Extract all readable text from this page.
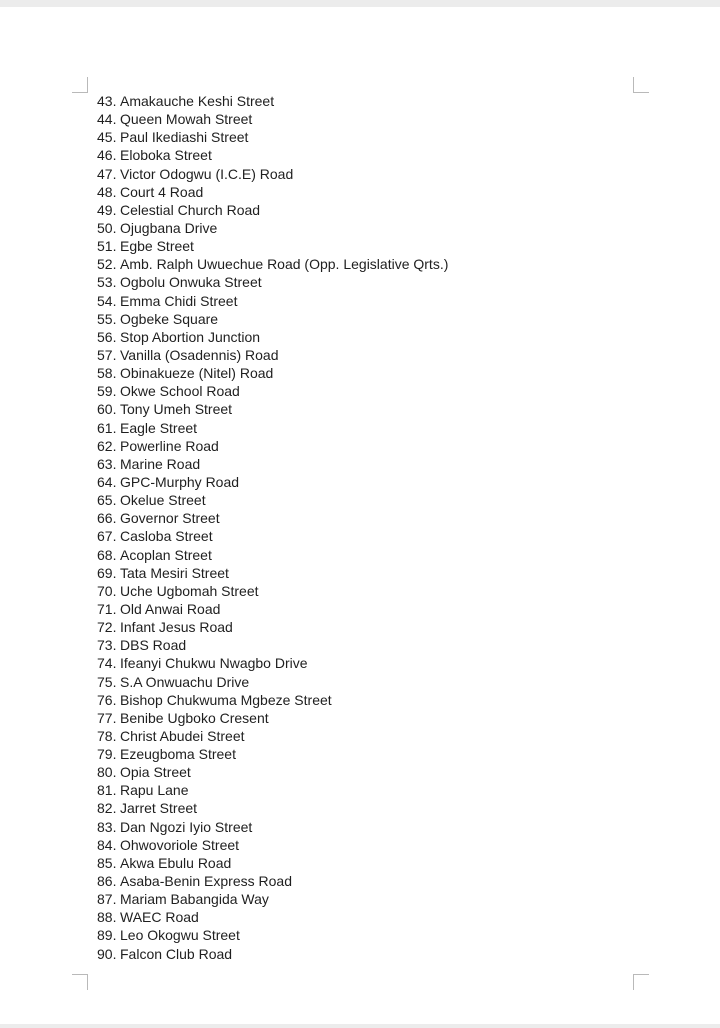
43. Amakauche Keshi Street
44. Queen Mowah Street
45. Paul Ikediashi Street
46. Eloboka Street
47. Victor Odogwu (I.C.E) Road
48. Court 4 Road
49. Celestial Church Road
50. Ojugbana Drive
51. Egbe Street
52. Amb. Ralph Uwuechue Road (Opp. Legislative Qrts.)
53. Ogbolu Onwuka Street
54. Emma Chidi Street
55. Ogbeke Square
56. Stop Abortion Junction
57. Vanilla (Osadennis) Road
58. Obinakueze (Nitel) Road
59. Okwe School Road
60. Tony Umeh Street
61. Eagle Street
62. Powerline Road
63. Marine Road
64. GPC-Murphy Road
65. Okelue Street
66. Governor Street
67. Casloba Street
68. Acoplan Street
69. Tata Mesiri Street
70. Uche Ugbomah Street
71. Old Anwai Road
72. Infant Jesus Road
73. DBS Road
74. Ifeanyi Chukwu Nwagbo Drive
75. S.A Onwuachu Drive
76. Bishop Chukwuma Mgbeze Street
77. Benibe Ugboko Cresent
78. Christ Abudei Street
79. Ezeugboma Street
80. Opia Street
81. Rapu Lane
82. Jarret Street
83. Dan Ngozi Iyio Street
84. Ohwovoriole Street
85. Akwa Ebulu Road
86. Asaba-Benin Express Road
87. Mariam Babangida Way
88. WAEC Road
89. Leo Okogwu Street
90. Falcon Club Road
